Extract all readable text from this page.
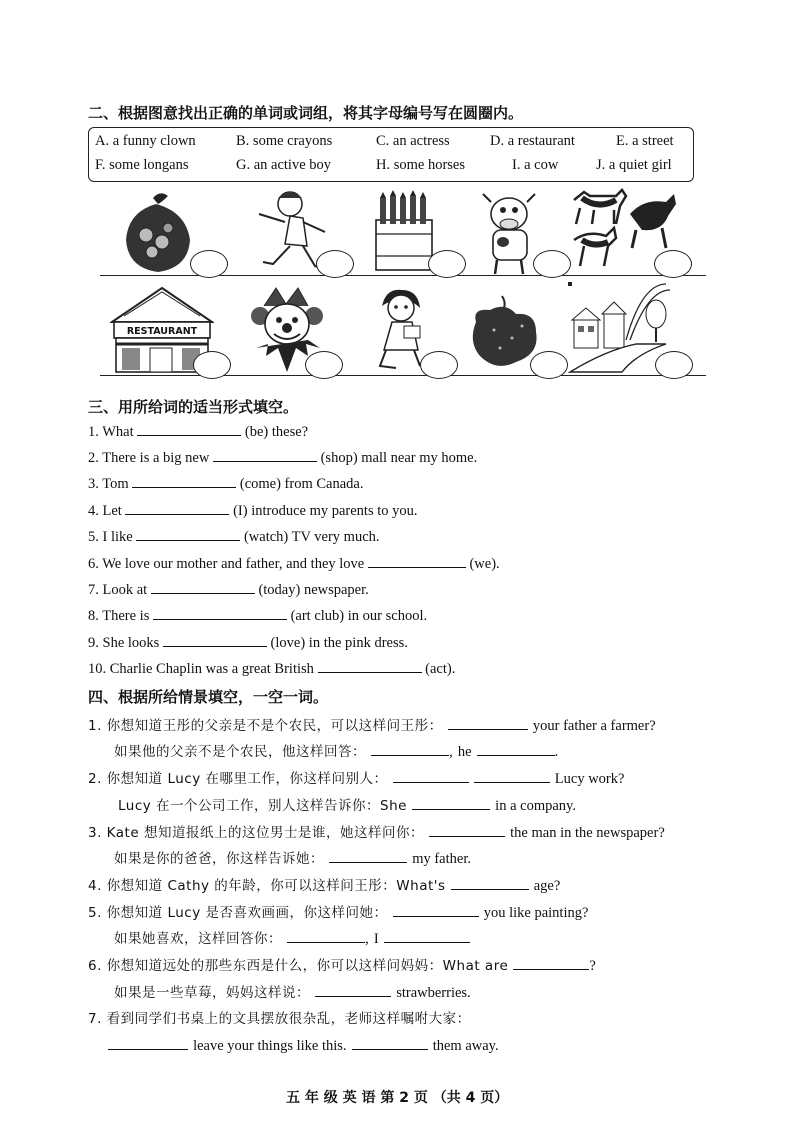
二、根据图意找出正确的单词或词组，将其字母编号写在圆圈内。
A. a funny clown	B. some crayons	C. an actress	D. a restaurant	E. a street
F. some longans	G. an active boy	H. some horses	I. a cow	J. a quiet girl
RESTAURANT
三、用所给词的适当形式填空。
1. What	(be) these?
2. There is a big new	(shop) mall near my home.
3. Tom	(come) from Canada.
4. Let	(I) introduce my parents to you.
5. I like	(watch) TV very much.
6. We love our mother and father, and they love	(we).
7. Look at	(today) newspaper.
8. There is	(art club) in our school.
9. She looks	(love) in the pink dress.
10. Charlie Chaplin was a great British	(act).
四、根据所给情景填空，一空一词。
1. 你想知道王彤的父亲是不是个农民，可以这样问王彤：	your father a farmer?
如果他的父亲不是个农民，他这样回答：	, he	.
2. 你想知道 Lucy 在哪里工作，你这样问别人：	Lucy work?
Lucy 在一个公司工作，别人这样告诉你：She	in a company.
3. Kate 想知道报纸上的这位男士是谁，她这样问你：	the man in the newspaper?
如果是你的爸爸，你这样告诉她：	my father.
4. 你想知道 Cathy 的年龄，你可以这样问王彤：What's	age?
5. 你想知道 Lucy 是否喜欢画画，你这样问她：	you like painting?
如果她喜欢，这样回答你：	, I
6. 你想知道远处的那些东西是什么，你可以这样问妈妈：What are	?
如果是一些草莓，妈妈这样说：	strawberries.
7. 看到同学们书桌上的文具摆放很杂乱，老师这样嘱咐大家：
leave your things like this.	them away.
五 年 级 英 语 第 2 页 （共 4 页）
